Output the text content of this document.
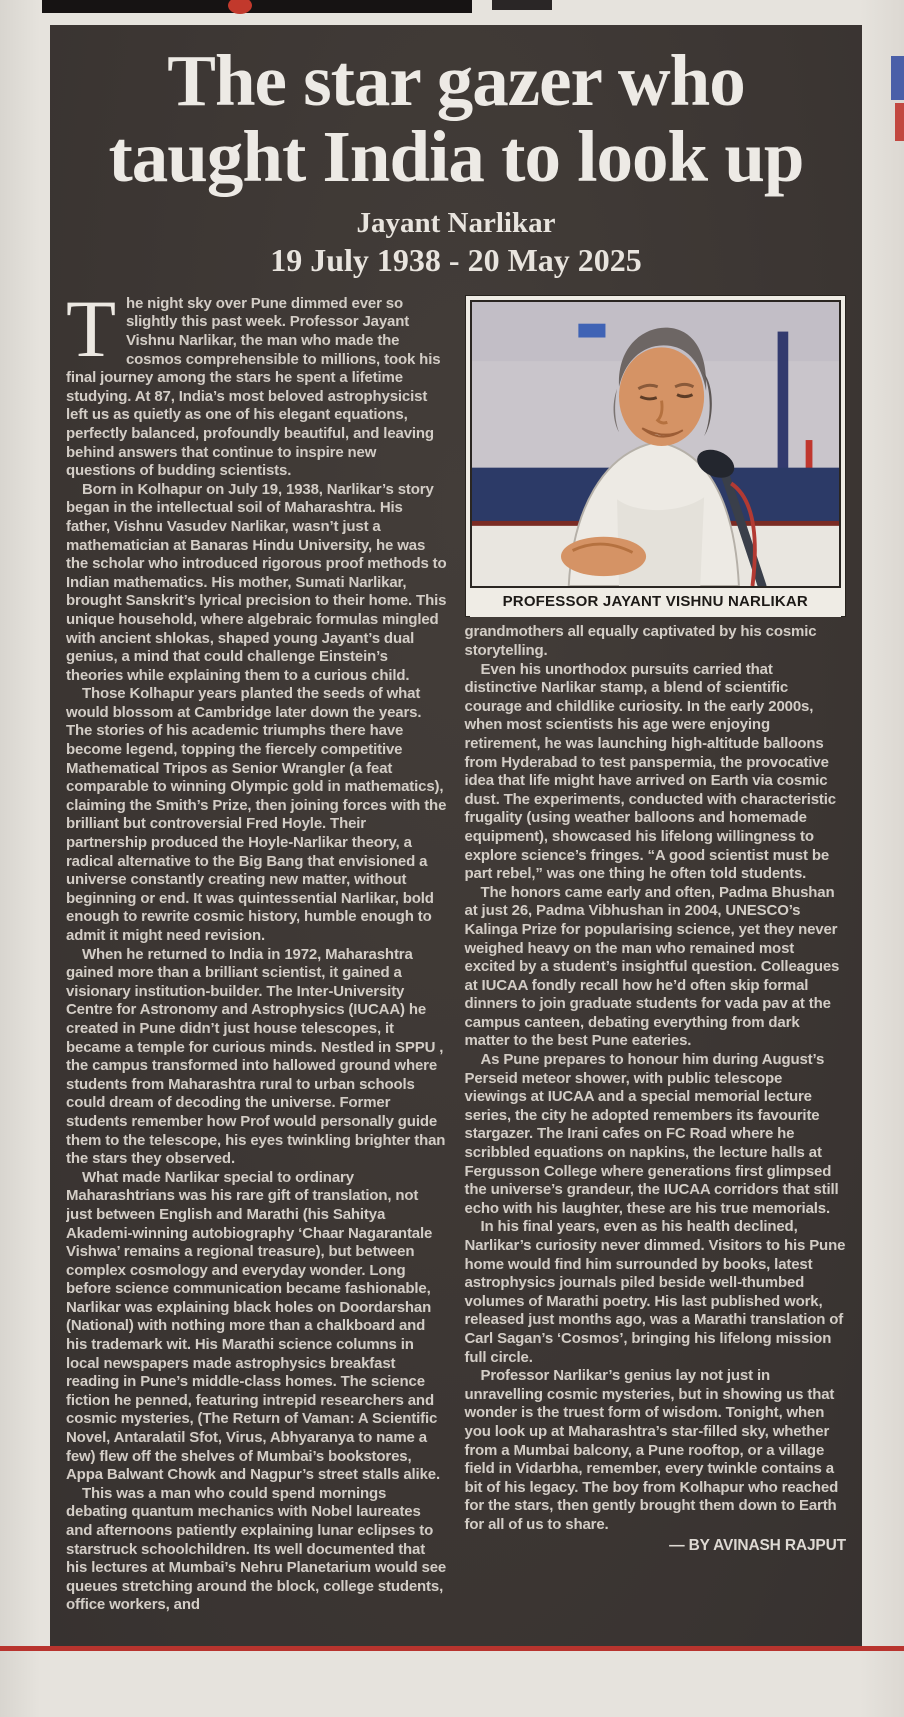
The star gazer who
taught India to look up
Jayant Narlikar
19 July 1938 - 20 May 2025

The night sky over Pune dimmed ever so slightly this past week. Professor Jayant Vishnu Narlikar, the man who made the cosmos comprehensible to millions, took his final journey among the stars he spent a lifetime studying. At 87, India’s most beloved astrophysicist left us as quietly as one of his elegant equations, perfectly balanced, profoundly beautiful, and leaving behind answers that continue to inspire new questions of budding scientists.

Born in Kolhapur on July 19, 1938, Narlikar’s story began in the intellectual soil of Maharashtra. His father, Vishnu Vasudev Narlikar, wasn’t just a mathematician at Banaras Hindu University, he was the scholar who introduced rigorous proof methods to Indian mathematics. His mother, Sumati Narlikar, brought Sanskrit’s lyrical precision to their home. This unique household, where algebraic formulas mingled with ancient shlokas, shaped young Jayant’s dual genius, a mind that could challenge Einstein’s theories while explaining them to a curious child.

Those Kolhapur years planted the seeds of what would blossom at Cambridge later down the years. The stories of his academic triumphs there have become legend, topping the fiercely competitive Mathematical Tripos as Senior Wrangler (a feat comparable to winning Olympic gold in mathematics), claiming the Smith’s Prize, then joining forces with the brilliant but controversial Fred Hoyle. Their partnership produced the Hoyle-Narlikar theory, a radical alternative to the Big Bang that envisioned a universe constantly creating new matter, without beginning or end. It was quintessential Narlikar, bold enough to rewrite cosmic history, humble enough to admit it might need revision.

When he returned to India in 1972, Maharashtra gained more than a brilliant scientist, it gained a visionary institution-builder. The Inter-University Centre for Astronomy and Astrophysics (IUCAA) he created in Pune didn’t just house telescopes, it became a temple for curious minds. Nestled in SPPU , the campus transformed into hallowed ground where students from Maharashtra rural to urban schools could dream of decoding the universe. Former students remember how Prof would personally guide them to the telescope, his eyes twinkling brighter than the stars they observed.

What made Narlikar special to ordinary Maharashtrians was his rare gift of translation, not just between English and Marathi (his Sahitya Akademi-winning autobiography ‘Chaar Nagarantale Vishwa’ remains a regional treasure), but between complex cosmology and everyday wonder. Long before science communication became fashionable, Narlikar was explaining black holes on Doordarshan (National) with nothing more than a chalkboard and his trademark wit. His Marathi science columns in local newspapers made astrophysics breakfast reading in Pune’s middle-class homes. The science fiction he penned, featuring intrepid researchers and cosmic mysteries, (The Return of Vaman: A Scientific Novel, Antaralatil Sfot, Virus, Abhyaranya to name a few) flew off the shelves of Mumbai’s bookstores, Appa Balwant Chowk and Nagpur’s street stalls alike.

This was a man who could spend mornings debating quantum mechanics with Nobel laureates and afternoons patiently explaining lunar eclipses to starstruck schoolchildren. Its well documented that his lectures at Mumbai’s Nehru Planetarium would see queues stretching around the block, college students, office workers, and

PROFESSOR JAYANT VISHNU NARLIKAR

grandmothers all equally captivated by his cosmic storytelling.

Even his unorthodox pursuits carried that distinctive Narlikar stamp, a blend of scientific courage and childlike curiosity. In the early 2000s, when most scientists his age were enjoying retirement, he was launching high-altitude balloons from Hyderabad to test panspermia, the provocative idea that life might have arrived on Earth via cosmic dust. The experiments, conducted with characteristic frugality (using weather balloons and homemade equipment), showcased his lifelong willingness to explore science’s fringes. “A good scientist must be part rebel,” was one thing he often told students.

The honors came early and often, Padma Bhushan at just 26, Padma Vibhushan in 2004, UNESCO’s Kalinga Prize for popularising science, yet they never weighed heavy on the man who remained most excited by a student’s insightful question. Colleagues at IUCAA fondly recall how he’d often skip formal dinners to join graduate students for vada pav at the campus canteen, debating everything from dark matter to the best Pune eateries.

As Pune prepares to honour him during August’s Perseid meteor shower, with public telescope viewings at IUCAA and a special memorial lecture series, the city he adopted remembers its favourite stargazer. The Irani cafes on FC Road where he scribbled equations on napkins, the lecture halls at Fergusson College where generations first glimpsed the universe’s grandeur, the IUCAA corridors that still echo with his laughter, these are his true memorials.

In his final years, even as his health declined, Narlikar’s curiosity never dimmed. Visitors to his Pune home would find him surrounded by books, latest astrophysics journals piled beside well-thumbed volumes of Marathi poetry. His last published work, released just months ago, was a Marathi translation of Carl Sagan’s ‘Cosmos’, bringing his lifelong mission full circle.

Professor Narlikar’s genius lay not just in unravelling cosmic mysteries, but in showing us that wonder is the truest form of wisdom. Tonight, when you look up at Maharashtra’s star-filled sky, whether from a Mumbai balcony, a Pune rooftop, or a village field in Vidarbha, remember, every twinkle contains a bit of his legacy. The boy from Kolhapur who reached for the stars, then gently brought them down to Earth for all of us to share.

— BY AVINASH RAJPUT
